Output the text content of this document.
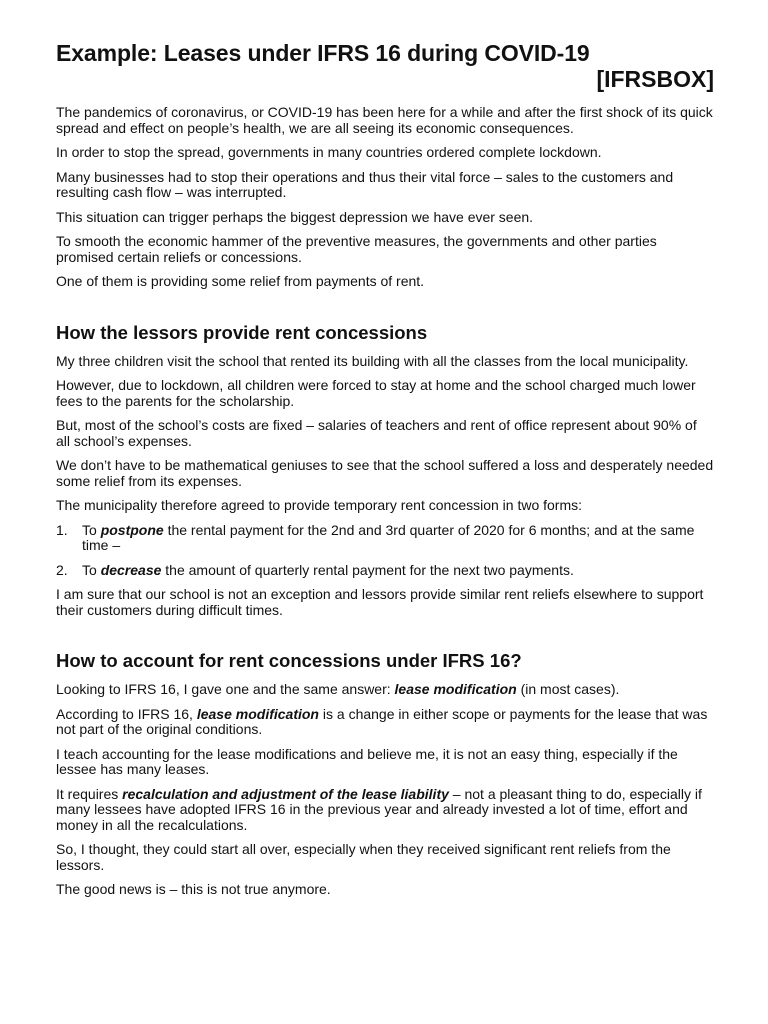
Example: Leases under IFRS 16 during COVID-19
[IFRSBOX]

The pandemics of coronavirus, or COVID-19 has been here for a while and after the first shock of its quick spread and effect on people’s health, we are all seeing its economic consequences.

In order to stop the spread, governments in many countries ordered complete lockdown.

Many businesses had to stop their operations and thus their vital force – sales to the customers and resulting cash flow – was interrupted.

This situation can trigger perhaps the biggest depression we have ever seen.

To smooth the economic hammer of the preventive measures, the governments and other parties promised certain reliefs or concessions.

One of them is providing some relief from payments of rent.

How the lessors provide rent concessions

My three children visit the school that rented its building with all the classes from the local municipality.

However, due to lockdown, all children were forced to stay at home and the school charged much lower fees to the parents for the scholarship.

But, most of the school’s costs are fixed – salaries of teachers and rent of office represent about 90% of all school’s expenses.

We don’t have to be mathematical geniuses to see that the school suffered a loss and desperately needed some relief from its expenses.

The municipality therefore agreed to provide temporary rent concession in two forms:

1.	To postpone the rental payment for the 2nd and 3rd quarter of 2020 for 6 months; and at the same time –
2.	To decrease the amount of quarterly rental payment for the next two payments.

I am sure that our school is not an exception and lessors provide similar rent reliefs elsewhere to support their customers during difficult times.

How to account for rent concessions under IFRS 16?

Looking to IFRS 16, I gave one and the same answer: lease modification (in most cases).

According to IFRS 16, lease modification is a change in either scope or payments for the lease that was not part of the original conditions.

I teach accounting for the lease modifications and believe me, it is not an easy thing, especially if the lessee has many leases.

It requires recalculation and adjustment of the lease liability – not a pleasant thing to do, especially if many lessees have adopted IFRS 16 in the previous year and already invested a lot of time, effort and money in all the recalculations.

So, I thought, they could start all over, especially when they received significant rent reliefs from the lessors.

The good news is – this is not true anymore.
